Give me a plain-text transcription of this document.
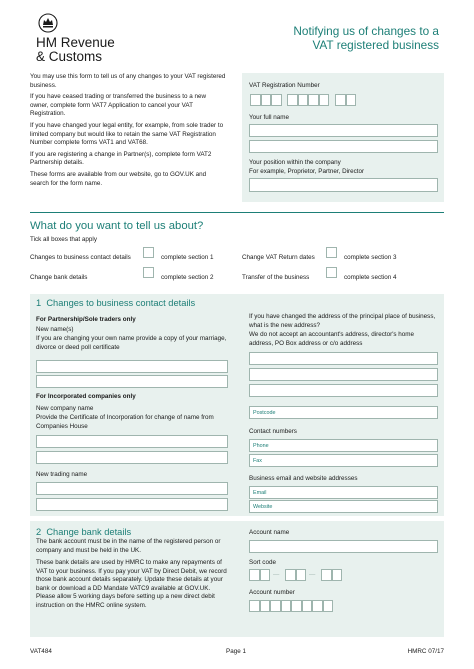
HM Revenue
& Customs
Notifying us of changes to a
VAT registered business

You may use this form to tell us of any changes to your VAT registered business.

If you have ceased trading or transferred the business to a new owner, complete form VAT7 Application to cancel your VAT Registration.

If you have changed your legal entity, for example, from sole trader to limited company but would like to retain the same VAT Registration Number complete forms VAT1 and VAT68.

If you are registering a change in Partner(s), complete form VAT2 Partnership details.

These forms are available from our website, go to GOV.UK and search for the form name.

VAT Registration Number
Your full name
Your position within the company
For example, Proprietor, Partner, Director
What do you want to tell us about?
Tick all boxes that apply
Changes to business contact details	complete section 1	Change VAT Return dates	complete section 3
Change bank details	complete section 2	Transfer of the business	complete section 4
1 Changes to business contact details
For Partnership/Sole traders only
New name(s)
If you are changing your own name provide a copy of your marriage, divorce or deed poll certificate
For Incorporated companies only
New company name
Provide the Certificate of Incorporation for change of name from Companies House
New trading name
If you have changed the address of the principal place of business, what is the new address?
We do not accept an accountant's address, director's home address, PO Box address or c/o address
Postcode
Contact numbers
Phone
Fax
Business email and website addresses
Email
Website
2 Change bank details
The bank account must be in the name of the registered person or company and must be held in the UK.
These bank details are used by HMRC to make any repayments of VAT to your business. If you pay your VAT by Direct Debit, we record those bank account details separately. Update these details at your bank or download a DD Mandate VATC9 available at GOV.UK. Please allow 5 working days before setting up a new direct debit instruction on the HMRC online system.
Account name
Sort code
—	—
Account number
VAT484	Page 1	HMRC 07/17
